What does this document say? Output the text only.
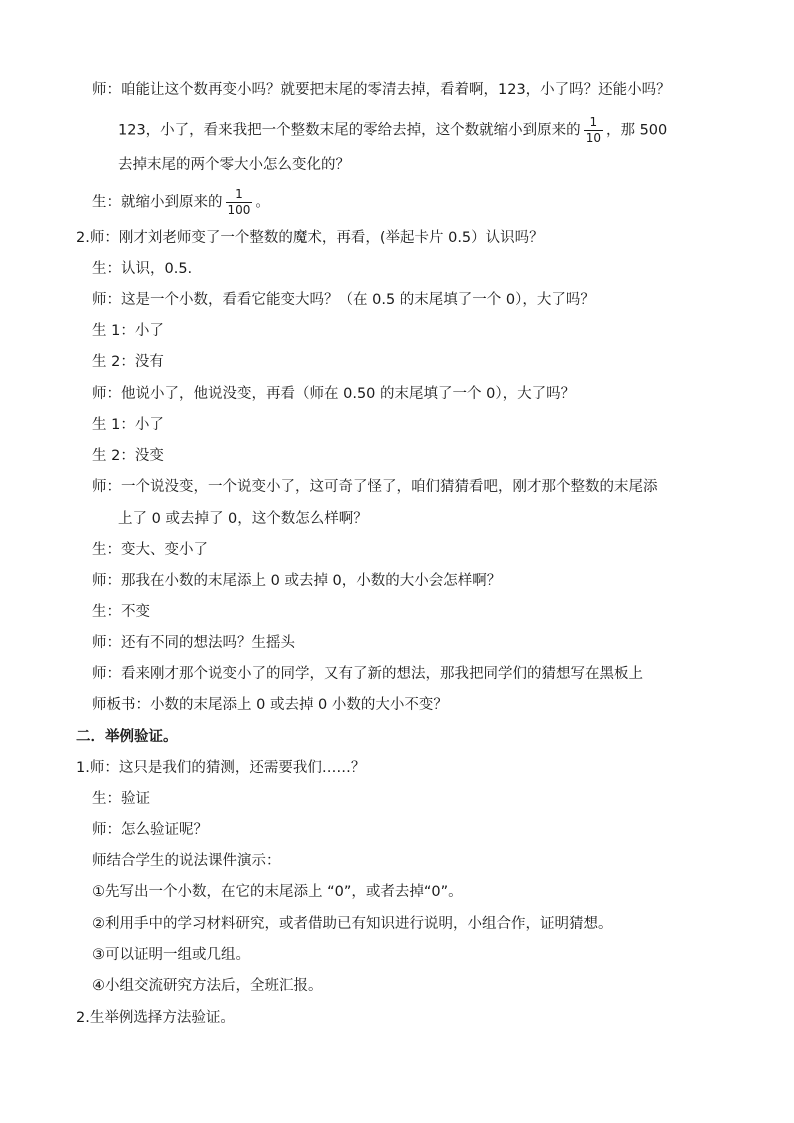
师：咱能让这个数再变小吗？就要把末尾的零清去掉，看着啊，123，小了吗？还能小吗？
123，小了，看来我把一个整数末尾的零给去掉，这个数就缩小到原来的 $\frac{1}{10}$ ，那 500
去掉末尾的两个零大小怎么变化的？
生：就缩小到原来的 $\frac{1}{100}$ 。
2.师：刚才刘老师变了一个整数的魔术，再看，(举起卡片 0.5）认识吗？
生：认识，0.5.
师：这是一个小数，看看它能变大吗？（在 0.5 的末尾填了一个 0），大了吗？
生 1：小了
生 2：没有
师：他说小了，他说没变，再看（师在 0.50 的末尾填了一个 0），大了吗？
生 1：小了
生 2：没变
师：一个说没变，一个说变小了，这可奇了怪了，咱们猜猜看吧，刚才那个整数的末尾添
上了 0 或去掉了 0，这个数怎么样啊？
生：变大、变小了
师：那我在小数的末尾添上 0 或去掉 0，小数的大小会怎样啊？
生：不变
师：还有不同的想法吗？生摇头
师：看来刚才那个说变小了的同学，又有了新的想法，那我把同学们的猜想写在黑板上
师板书：小数的末尾添上 0 或去掉 0 小数的大小不变？
二．举例验证。
1.师：这只是我们的猜测，还需要我们……？
生：验证
师：怎么验证呢？
师结合学生的说法课件演示：
①先写出一个小数，在它的末尾添上 “0”，或者去掉“0”。
②利用手中的学习材料研究，或者借助已有知识进行说明，小组合作，证明猜想。
③可以证明一组或几组。
④小组交流研究方法后，全班汇报。
2.生举例选择方法验证。
